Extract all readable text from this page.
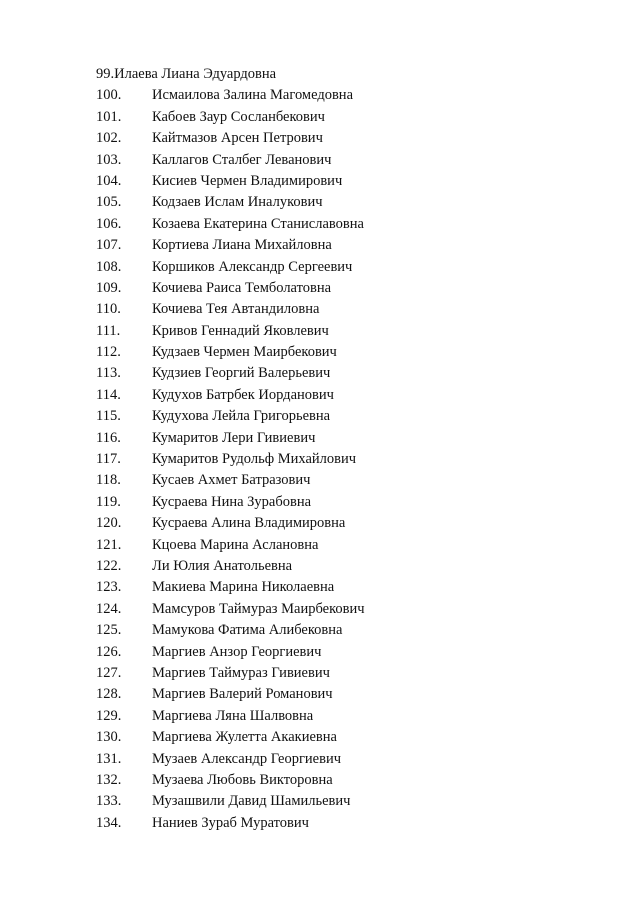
99.Илаева Лиана Эдуардовна
100. Исмаилова Залина Магомедовна
101. Кабоев Заур Сосланбекович
102. Кайтмазов Арсен Петрович
103. Каллагов Сталбег Леванович
104. Кисиев Чермен Владимирович
105. Кодзаев Ислам Иналукович
106. Козаева Екатерина Станиславовна
107. Кортиева Лиана Михайловна
108. Коршиков Александр Сергеевич
109. Кочиева Раиса Темболатовна
110. Кочиева Тея Автандиловна
111. Кривов Геннадий Яковлевич
112. Кудзаев Чермен Маирбекович
113. Кудзиев Георгий Валерьевич
114. Кудухов Батрбек Иорданович
115. Кудухова Лейла Григорьевна
116. Кумаритов Лери Гивиевич
117. Кумаритов Рудольф Михайлович
118. Кусаев Ахмет Батразович
119. Кусраева Нина Зурабовна
120. Кусраева Алина Владимировна
121. Кцоева Марина Аслановна
122. Ли Юлия Анатольевна
123. Макиева Марина Николаевна
124. Мамсуров Таймураз Маирбекович
125. Мамукова Фатима Алибековна
126. Маргиев Анзор Георгиевич
127. Маргиев Таймураз Гивиевич
128. Маргиев Валерий Романович
129. Маргиева Ляна Шалвовна
130. Маргиева Жулетта Акакиевна
131. Музаев Александр Георгиевич
132. Музаева Любовь Викторовна
133. Музашвили Давид Шамильевич
134. Наниев Зураб Муратович
